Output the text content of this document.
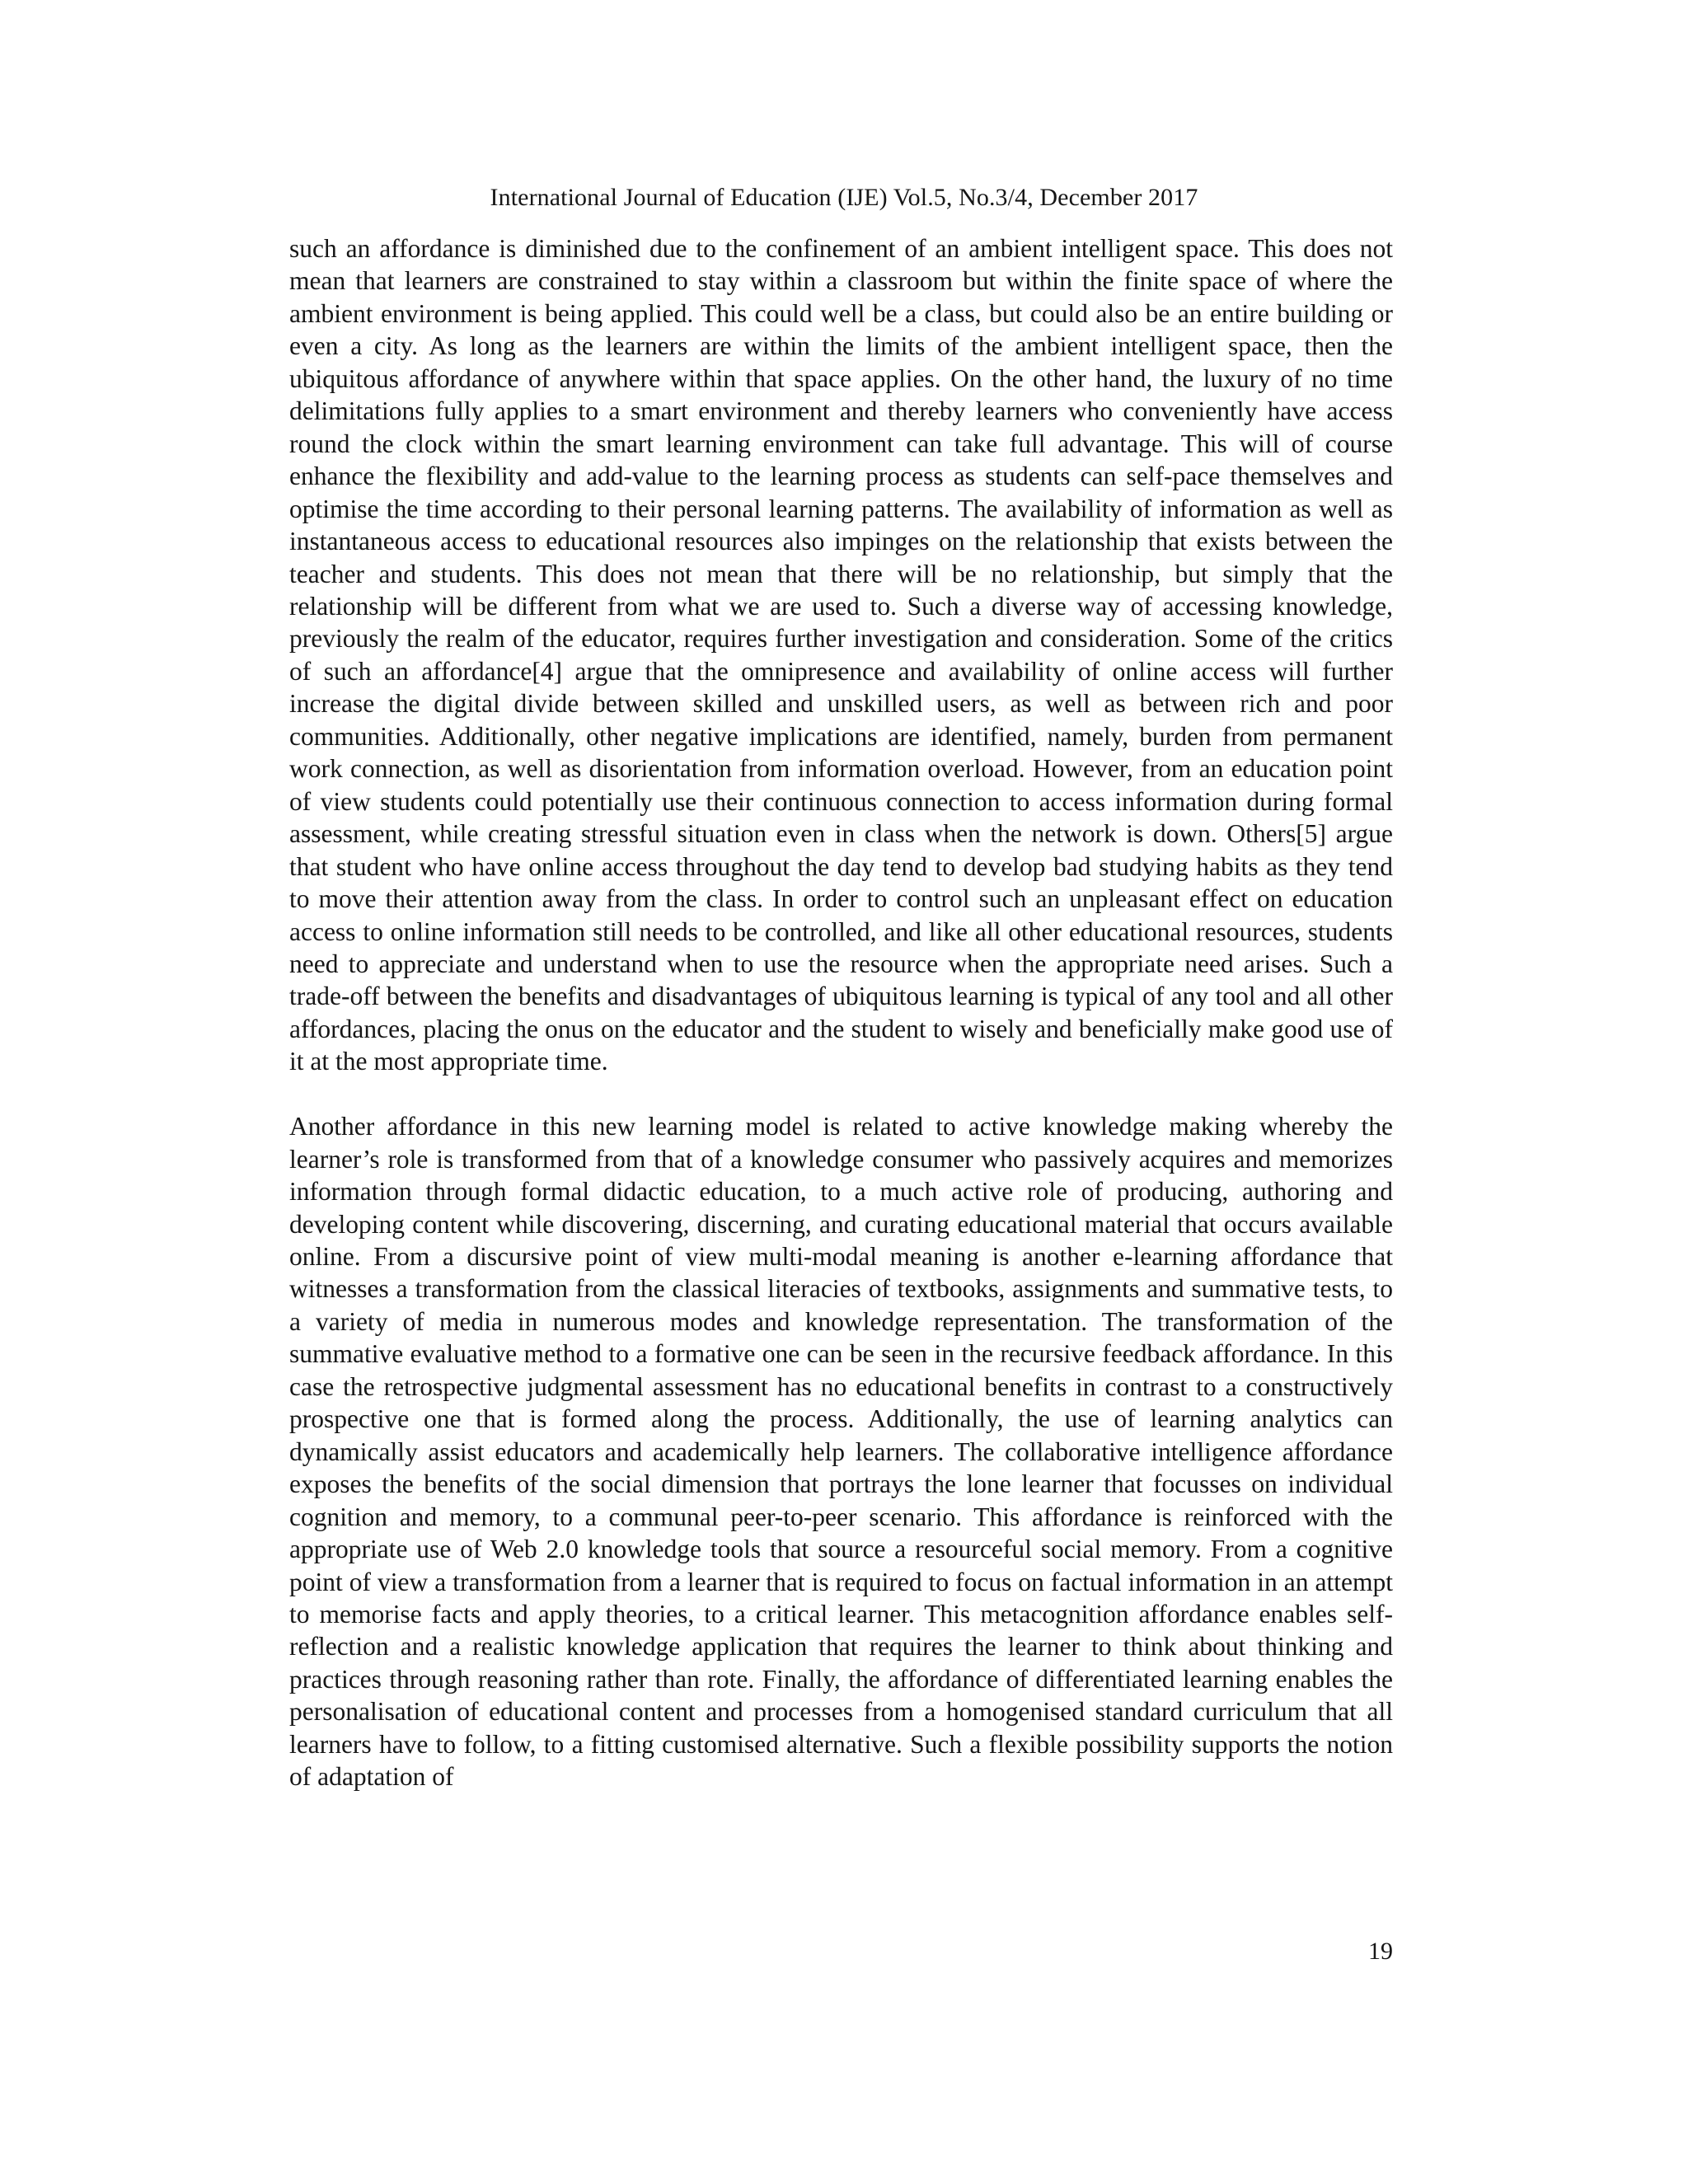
International Journal of Education (IJE) Vol.5, No.3/4, December 2017

such an affordance is diminished due to the confinement of an ambient intelligent space. This does not mean that learners are constrained to stay within a classroom but within the finite space of where the ambient environment is being applied. This could well be a class, but could also be an entire building or even a city. As long as the learners are within the limits of the ambient intelligent space, then the ubiquitous affordance of anywhere within that space applies. On the other hand, the luxury of no time delimitations fully applies to a smart environment and thereby learners who conveniently have access round the clock within the smart learning environment can take full advantage. This will of course enhance the flexibility and add-value to the learning process as students can self-pace themselves and optimise the time according to their personal learning patterns. The availability of information as well as instantaneous access to educational resources also impinges on the relationship that exists between the teacher and students. This does not mean that there will be no relationship, but simply that the relationship will be different from what we are used to. Such a diverse way of accessing knowledge, previously the realm of the educator, requires further investigation and consideration. Some of the critics of such an affordance[4] argue that the omnipresence and availability of online access will further increase the digital divide between skilled and unskilled users, as well as between rich and poor communities. Additionally, other negative implications are identified, namely, burden from permanent work connection, as well as disorientation from information overload. However, from an education point of view students could potentially use their continuous connection to access information during formal assessment, while creating stressful situation even in class when the network is down. Others[5] argue that student who have online access throughout the day tend to develop bad studying habits as they tend to move their attention away from the class. In order to control such an unpleasant effect on education access to online information still needs to be controlled, and like all other educational resources, students need to appreciate and understand when to use the resource when the appropriate need arises. Such a trade-off between the benefits and disadvantages of ubiquitous learning is typical of any tool and all other affordances, placing the onus on the educator and the student to wisely and beneficially make good use of it at the most appropriate time.

Another affordance in this new learning model is related to active knowledge making whereby the learner’s role is transformed from that of a knowledge consumer who passively acquires and memorizes information through formal didactic education, to a much active role of producing, authoring and developing content while discovering, discerning, and curating educational material that occurs available online. From a discursive point of view multi-modal meaning is another e-learning affordance that witnesses a transformation from the classical literacies of textbooks, assignments and summative tests, to a variety of media in numerous modes and knowledge representation. The transformation of the summative evaluative method to a formative one can be seen in the recursive feedback affordance. In this case the retrospective judgmental assessment has no educational benefits in contrast to a constructively prospective one that is formed along the process. Additionally, the use of learning analytics can dynamically assist educators and academically help learners. The collaborative intelligence affordance exposes the benefits of the social dimension that portrays the lone learner that focusses on individual cognition and memory, to a communal peer-to-peer scenario. This affordance is reinforced with the appropriate use of Web 2.0 knowledge tools that source a resourceful social memory. From a cognitive point of view a transformation from a learner that is required to focus on factual information in an attempt to memorise facts and apply theories, to a critical learner. This metacognition affordance enables self-reflection and a realistic knowledge application that requires the learner to think about thinking and practices through reasoning rather than rote. Finally, the affordance of differentiated learning enables the personalisation of educational content and processes from a homogenised standard curriculum that all learners have to follow, to a fitting customised alternative. Such a flexible possibility supports the notion of adaptation of

19
